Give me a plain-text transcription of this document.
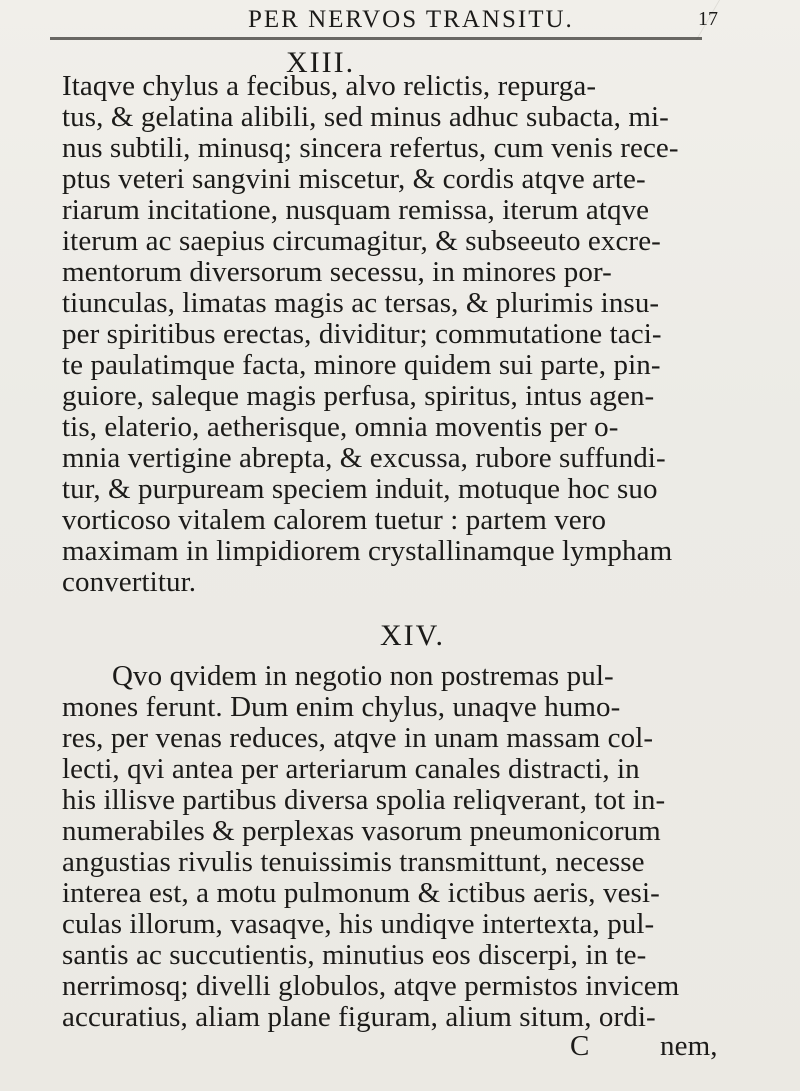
PER NERVOS TRANSITU.	17
XIII.
Itaqve chylus a fecibus, alvo relictis, repurga-
tus, & gelatina alibili, sed minus adhuc subacta, mi-
nus subtili, minusq; sincera refertus, cum venis rece-
ptus veteri sangvini miscetur, & cordis atqve arte-
riarum incitatione, nusquam remissa, iterum atqve
iterum ac saepius circumagitur, & subseeuto excre-
mentorum diversorum secessu, in minores por-
tiunculas, limatas magis ac tersas, & plurimis insu-
per spiritibus erectas, dividitur; commutatione taci-
te paulatimque facta, minore quidem sui parte, pin-
guiore, saleque magis perfusa, spiritus, intus agen-
tis, elaterio, aetherisque, omnia moventis per o-
mnia vertigine abrepta, & excussa, rubore suffundi-
tur, & purpuream speciem induit, motuque hoc suo
vorticoso vitalem calorem tuetur : partem vero
maximam in limpidiorem crystallinamque lympham
convertitur.
XIV.
Qvo qvidem in negotio non postremas pul-
mones ferunt. Dum enim chylus, unaqve humo-
res, per venas reduces, atqve in unam massam col-
lecti, qvi antea per arteriarum canales distracti, in
his illisve partibus diversa spolia reliqverant, tot in-
numerabiles & perplexas vasorum pneumonicorum
angustias rivulis tenuissimis transmittunt, necesse
interea est, a motu pulmonum & ictibus aeris, vesi-
culas illorum, vasaqve, his undiqve intertexta, pul-
santis ac succutientis, minutius eos discerpi, in te-
nerrimosq; divelli globulos, atqve permistos invicem
accuratius, aliam plane figuram, alium situm, ordi-
C nem,
